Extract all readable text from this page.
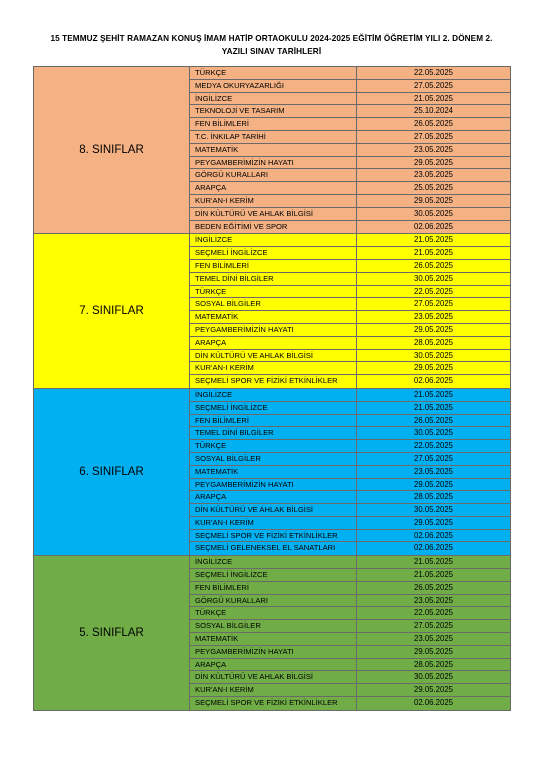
15 TEMMUZ ŞEHİT RAMAZAN KONUŞ İMAM HATİP ORTAOKULU 2024-2025 EĞİTİM ÖĞRETİM YILI 2. DÖNEM 2.
YAZILI SINAV TARİHLERİ
8. SINIFLAR
TÜRKÇE	22.05.2025
MEDYA OKURYAZARLIĞI	27.05.2025
İNGİLİZCE	21.05.2025
TEKNOLOJİ VE TASARIM	25.10.2024
FEN BİLİMLERİ	26.05.2025
T.C. İNKILAP TARİHİ	27.05.2025
MATEMATİK	23.05.2025
PEYGAMBERİMİZİN HAYATI	29.05.2025
GÖRGÜ KURALLARI	23.05.2025
ARAPÇA	25.05.2025
KUR'AN-I KERİM	29.05.2025
DİN KÜLTÜRÜ VE AHLAK BİLGİSİ	30.05.2025
BEDEN EĞİTİMİ VE SPOR	02.06.2025
7. SINIFLAR
İNGİLİZCE	21.05.2025
SEÇMELİ İNGİLİZCE	21.05.2025
FEN BİLİMLERİ	26.05.2025
TEMEL DİNİ BİLGİLER	30.05.2025
TÜRKÇE	22.05.2025
SOSYAL BİLGİLER	27.05.2025
MATEMATİK	23.05.2025
PEYGAMBERİMİZİN HAYATI	29.05.2025
ARAPÇA	28.05.2025
DİN KÜLTÜRÜ VE AHLAK BİLGİSİ	30.05.2025
KUR'AN-I KERİM	29.05.2025
SEÇMELİ SPOR VE FİZİKİ ETKİNLİKLER	02.06.2025
6. SINIFLAR
İNGİLİZCE	21.05.2025
SEÇMELİ İNGİLİZCE	21.05.2025
FEN BİLİMLERİ	26.05.2025
TEMEL DİNİ BİLGİLER	30.05.2025
TÜRKÇE	22.05.2025
SOSYAL BİLGİLER	27.05.2025
MATEMATİK	23.05.2025
PEYGAMBERİMİZİN HAYATI	29.05.2025
ARAPÇA	28.05.2025
DİN KÜLTÜRÜ VE AHLAK BİLGİSİ	30.05.2025
KUR'AN-I KERİM	29.05.2025
SEÇMELİ SPOR VE FİZİKİ ETKİNLİKLER	02.06.2025
SEÇMELİ GELENEKSEL EL SANATLARI	02.06.2025
5. SINIFLAR
İNGİLİZCE	21.05.2025
SEÇMELİ İNGİLİZCE	21.05.2025
FEN BİLİMLERİ	26.05.2025
GÖRGÜ KURALLARI	23.05.2025
TÜRKÇE	22.05.2025
SOSYAL BİLGİLER	27.05.2025
MATEMATİK	23.05.2025
PEYGAMBERİMİZİN HAYATI	29.05.2025
ARAPÇA	28.05.2025
DİN KÜLTÜRÜ VE AHLAK BİLGİSİ	30.05.2025
KUR'AN-I KERİM	29.05.2025
SEÇMELİ SPOR VE FİZİKİ ETKİNLİKLER	02.06.2025
